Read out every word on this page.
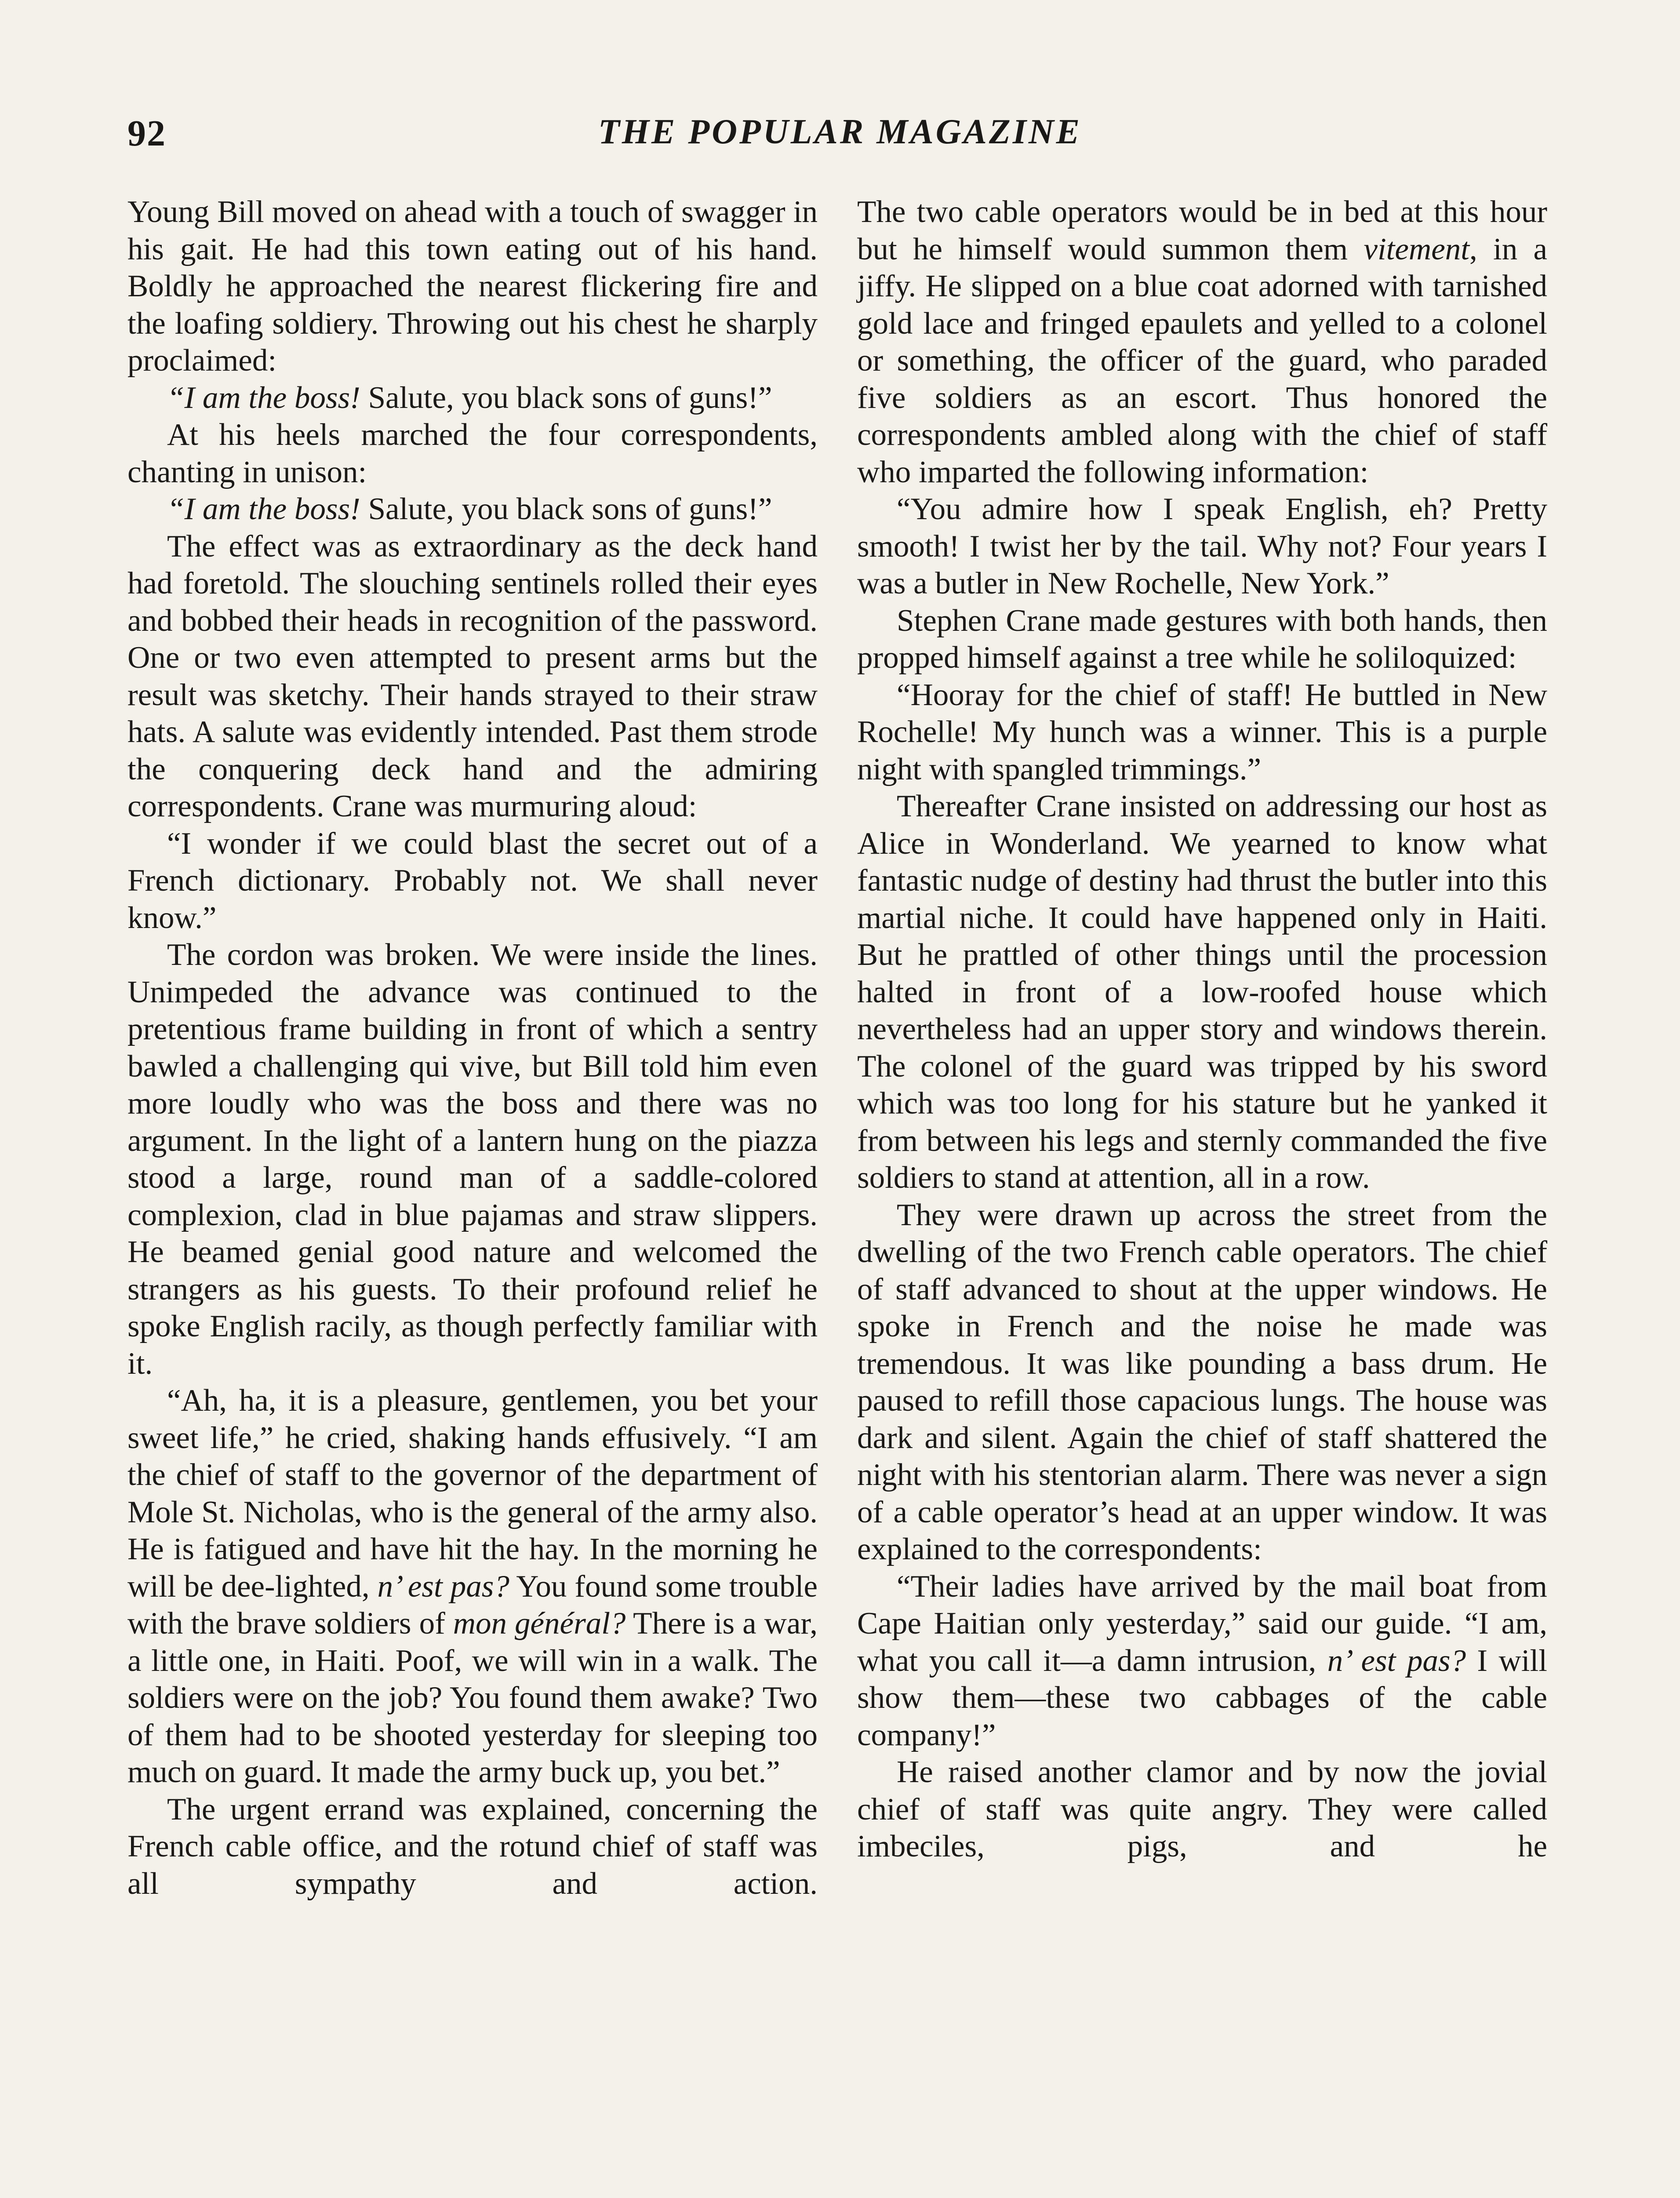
92	THE POPULAR MAGAZINE

Young Bill moved on ahead with a touch of swagger in his gait. He had this town eating out of his hand. Boldly he approached the nearest flickering fire and the loafing soldiery. Throwing out his chest he sharply proclaimed:

“I am the boss! Salute, you black sons of guns!”

At his heels marched the four correspondents, chanting in unison:

“I am the boss! Salute, you black sons of guns!”

The effect was as extraordinary as the deck hand had foretold. The slouching sentinels rolled their eyes and bobbed their heads in recognition of the password. One or two even attempted to present arms but the result was sketchy. Their hands strayed to their straw hats. A salute was evidently intended. Past them strode the conquering deck hand and the admiring correspondents. Crane was murmuring aloud:

“I wonder if we could blast the secret out of a French dictionary. Probably not. We shall never know.”

The cordon was broken. We were inside the lines. Unimpeded the advance was continued to the pretentious frame building in front of which a sentry bawled a challenging qui vive, but Bill told him even more loudly who was the boss and there was no argument. In the light of a lantern hung on the piazza stood a large, round man of a saddle-colored complexion, clad in blue pajamas and straw slippers. He beamed genial good nature and welcomed the strangers as his guests. To their profound relief he spoke English racily, as though perfectly familiar with it.

“Ah, ha, it is a pleasure, gentlemen, you bet your sweet life,” he cried, shaking hands effusively. “I am the chief of staff to the governor of the department of Mole St. Nicholas, who is the general of the army also. He is fatigued and have hit the hay. In the morning he will be dee-lighted, n’ est pas? You found some trouble with the brave soldiers of mon général? There is a war, a little one, in Haiti. Poof, we will win in a walk. The soldiers were on the job? You found them awake? Two of them had to be shooted yesterday for sleeping too much on guard. It made the army buck up, you bet.”

The urgent errand was explained, concerning the French cable office, and the rotund chief of staff was all sympathy and action.

The two cable operators would be in bed at this hour but he himself would summon them vitement, in a jiffy. He slipped on a blue coat adorned with tarnished gold lace and fringed epaulets and yelled to a colonel or something, the officer of the guard, who paraded five soldiers as an escort. Thus honored the correspondents ambled along with the chief of staff who imparted the following information:

“You admire how I speak English, eh? Pretty smooth! I twist her by the tail. Why not? Four years I was a butler in New Rochelle, New York.”

Stephen Crane made gestures with both hands, then propped himself against a tree while he soliloquized:

“Hooray for the chief of staff! He buttled in New Rochelle! My hunch was a winner. This is a purple night with spangled trimmings.”

Thereafter Crane insisted on addressing our host as Alice in Wonderland. We yearned to know what fantastic nudge of destiny had thrust the butler into this martial niche. It could have happened only in Haiti. But he prattled of other things until the procession halted in front of a low-roofed house which nevertheless had an upper story and windows therein. The colonel of the guard was tripped by his sword which was too long for his stature but he yanked it from between his legs and sternly commanded the five soldiers to stand at attention, all in a row.

They were drawn up across the street from the dwelling of the two French cable operators. The chief of staff advanced to shout at the upper windows. He spoke in French and the noise he made was tremendous. It was like pounding a bass drum. He paused to refill those capacious lungs. The house was dark and silent. Again the chief of staff shattered the night with his stentorian alarm. There was never a sign of a cable operator’s head at an upper window. It was explained to the correspondents:

“Their ladies have arrived by the mail boat from Cape Haitian only yesterday,” said our guide. “I am, what you call it—a damn intrusion, n’ est pas? I will show them—these two cabbages of the cable company!”

He raised another clamor and by now the jovial chief of staff was quite angry. They were called imbeciles, pigs, and he
